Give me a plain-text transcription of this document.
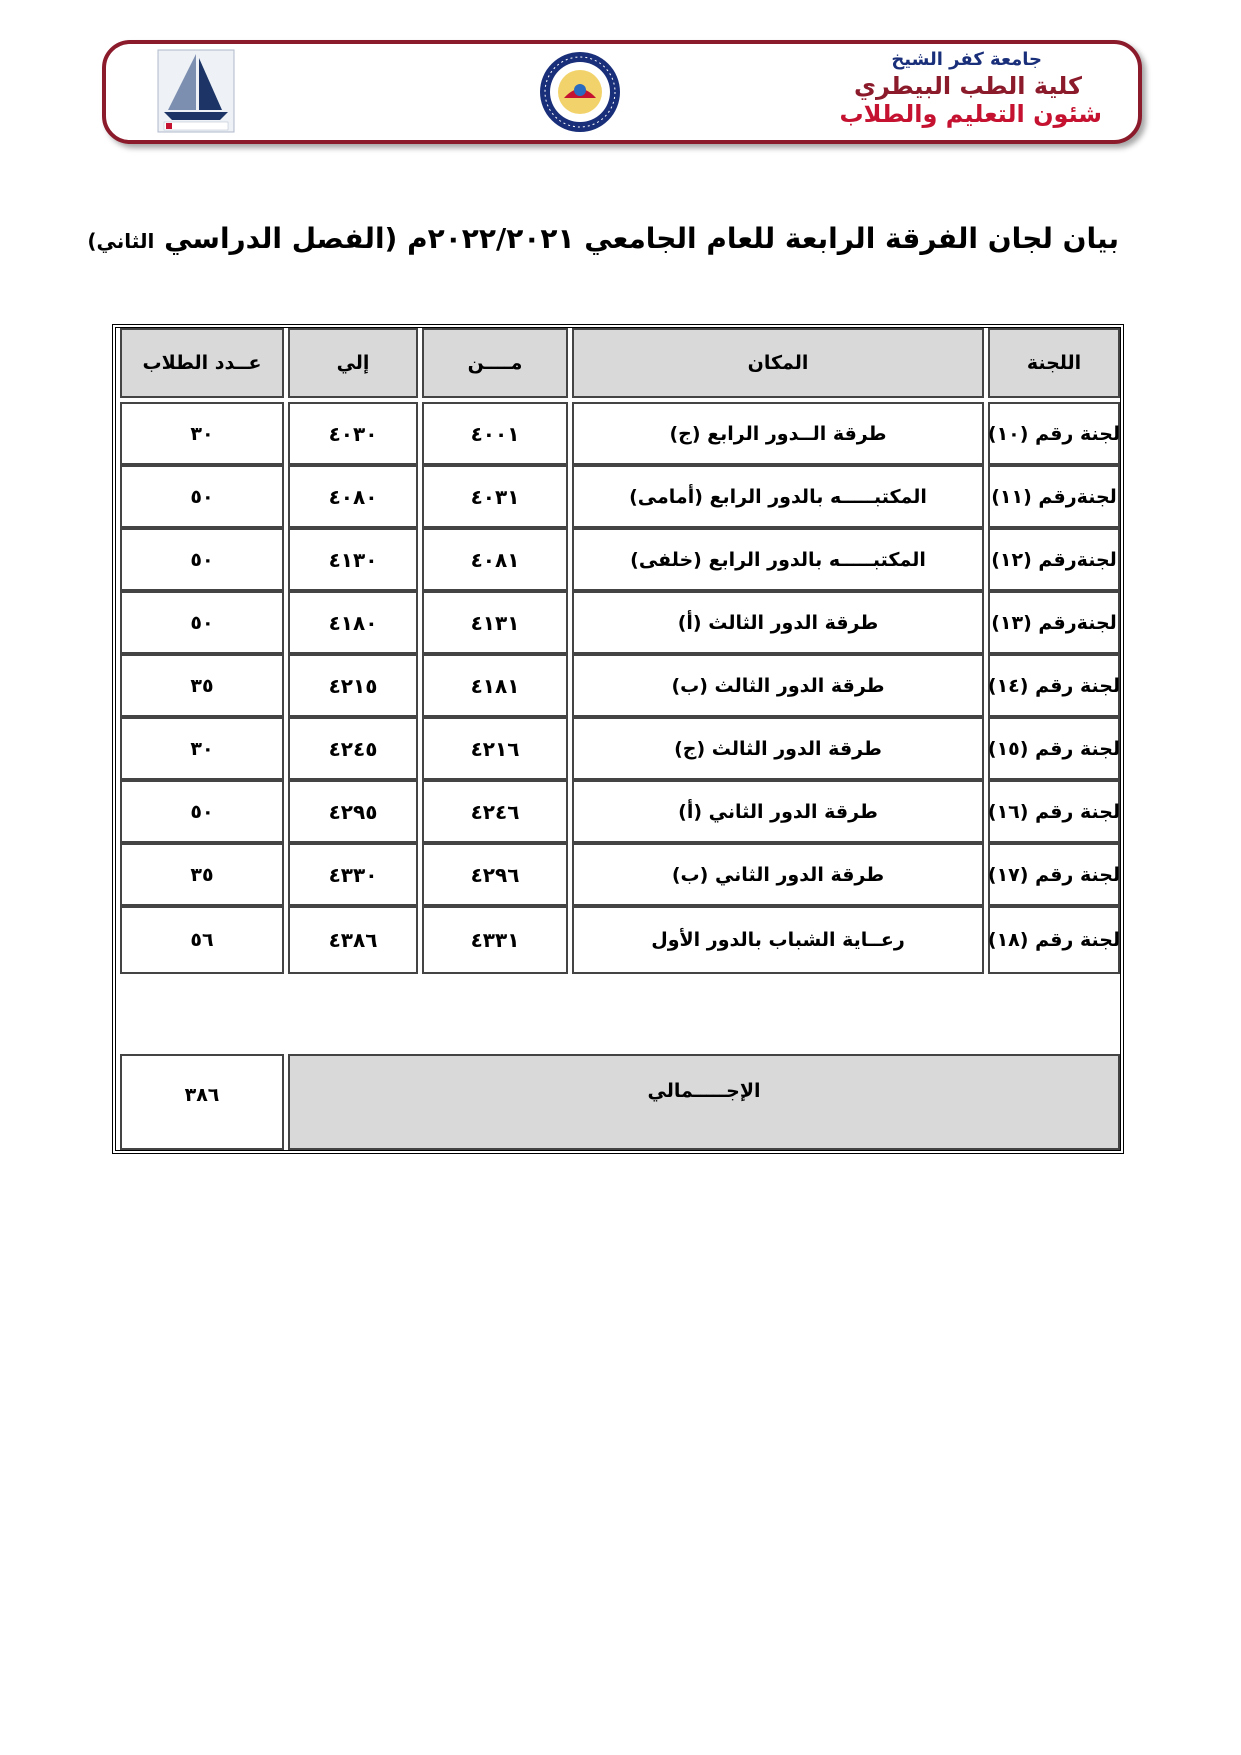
جامعة كفر الشيخ
كلية الطب البيطري
شئون التعليم والطلاب
بيان لجان الفرقة الرابعة للعام الجامعي ٢٠٢٢/٢٠٢١م (الفصل الدراسي الثاني)
اللجنة
المكان
مــــن
إلي
عــدد الطلاب
الإجـــــمالي
٣٨٦
لجنة رقم (١٠)
طرقة الــدور الرابع (ج)
٤٠٠١
٤٠٣٠
٣٠
لجنةرقم (١١)
المكتبـــــه بالدور الرابع (أمامى)
٤٠٣١
٤٠٨٠
٥٠
لجنةرقم (١٢)
المكتبـــــه بالدور الرابع (خلفى)
٤٠٨١
٤١٣٠
٥٠
لجنةرقم (١٣)
طرقة الدور الثالث (أ)
٤١٣١
٤١٨٠
٥٠
لجنة رقم (١٤)
طرقة الدور الثالث (ب)
٤١٨١
٤٢١٥
٣٥
لجنة رقم (١٥)
طرقة الدور الثالث (ج)
٤٢١٦
٤٢٤٥
٣٠
لجنة رقم (١٦)
طرقة الدور الثاني (أ)
٤٢٤٦
٤٢٩٥
٥٠
لجنة رقم (١٧)
طرقة الدور الثاني (ب)
٤٢٩٦
٤٣٣٠
٣٥
لجنة رقم (١٨)
رعــاية الشباب بالدور الأول
٤٣٣١
٤٣٨٦
٥٦
